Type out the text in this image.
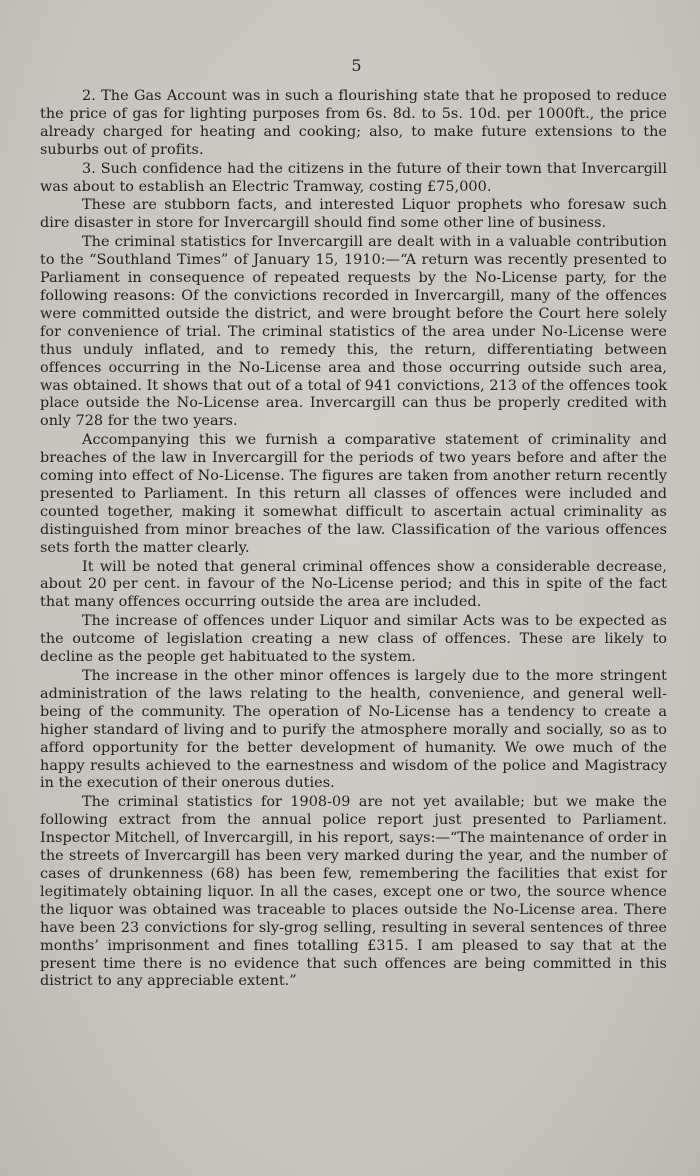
5

2. The Gas Account was in such a flourishing state that he proposed to reduce the price of gas for lighting purposes from 6s. 8d. to 5s. 10d. per 1000ft., the price already charged for heating and cooking; also, to make future extensions to the suburbs out of profits.

3. Such confidence had the citizens in the future of their town that Invercargill was about to establish an Electric Tramway, costing £75,000.

These are stubborn facts, and interested Liquor prophets who foresaw such dire disaster in store for Invercargill should find some other line of business.

The criminal statistics for Invercargill are dealt with in a valuable contribution to the “Southland Times” of January 15, 1910:—“A return was recently presented to Parliament in consequence of repeated requests by the No-License party, for the following reasons: Of the convictions recorded in Invercargill, many of the offences were committed outside the district, and were brought before the Court here solely for convenience of trial. The criminal statistics of the area under No-License were thus unduly inflated, and to remedy this, the return, differentiating between offences occurring in the No-License area and those occurring outside such area, was obtained. It shows that out of a total of 941 convictions, 213 of the offences took place outside the No-License area. Invercargill can thus be properly credited with only 728 for the two years.

Accompanying this we furnish a comparative statement of criminality and breaches of the law in Invercargill for the periods of two years before and after the coming into effect of No-License. The figures are taken from another return recently presented to Parliament. In this return all classes of offences were included and counted together, making it somewhat difficult to ascertain actual criminality as distinguished from minor breaches of the law. Classification of the various offences sets forth the matter clearly.

It will be noted that general criminal offences show a considerable decrease, about 20 per cent. in favour of the No-License period; and this in spite of the fact that many offences occurring outside the area are included.

The increase of offences under Liquor and similar Acts was to be expected as the outcome of legislation creating a new class of offences. These are likely to decline as the people get habituated to the system.

The increase in the other minor offences is largely due to the more stringent administration of the laws relating to the health, convenience, and general well-being of the community. The operation of No-License has a tendency to create a higher standard of living and to purify the atmosphere morally and socially, so as to afford opportunity for the better development of humanity. We owe much of the happy results achieved to the earnestness and wisdom of the police and Magistracy in the execution of their onerous duties.

The criminal statistics for 1908-09 are not yet available; but we make the following extract from the annual police report just presented to Parliament. Inspector Mitchell, of Invercargill, in his report, says:—“The maintenance of order in the streets of Invercargill has been very marked during the year, and the number of cases of drunkenness (68) has been few, remembering the facilities that exist for legitimately obtaining liquor. In all the cases, except one or two, the source whence the liquor was obtained was traceable to places outside the No-License area. There have been 23 convictions for sly-grog selling, resulting in several sentences of three months’ imprisonment and fines totalling £315. I am pleased to say that at the present time there is no evidence that such offences are being committed in this district to any appreciable extent.”
